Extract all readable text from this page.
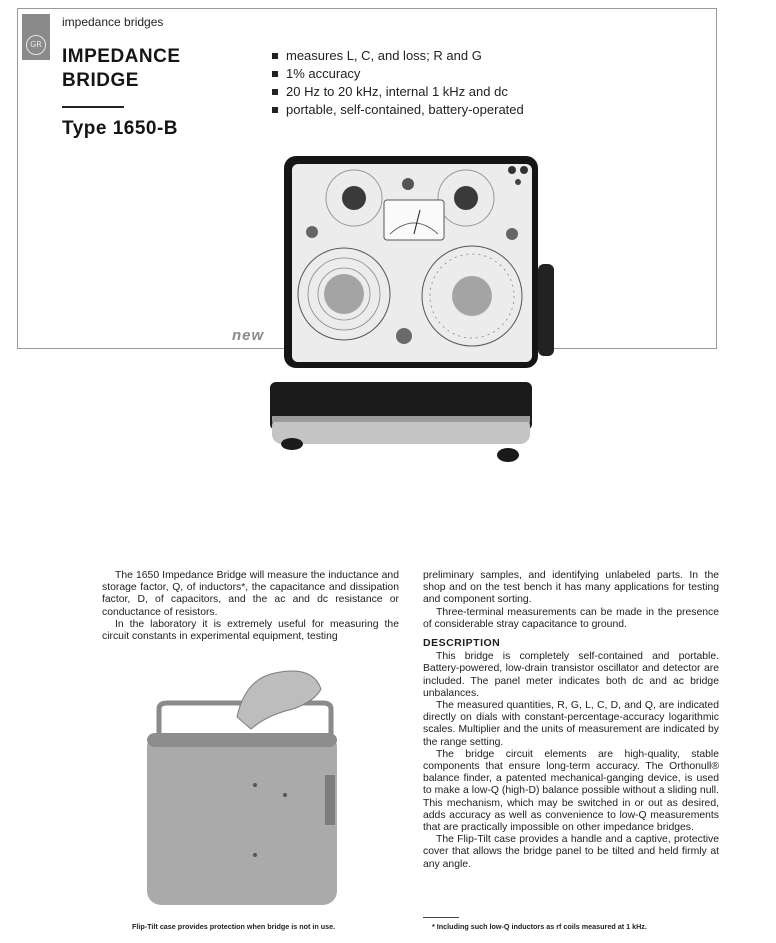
GR
impedance bridges
IMPEDANCE
BRIDGE
Type 1650-B
measures L, C, and loss; R and G
1% accuracy
20 Hz to 20 kHz, internal 1 kHz and dc
portable, self-contained, battery-operated
new

The 1650 Impedance Bridge will measure the inductance and storage factor, Q, of inductors*, the capacitance and dissipation factor, D, of capacitors, and the ac and dc resistance or conductance of resistors.

In the laboratory it is extremely useful for measuring the circuit constants in experimental equipment, testing

preliminary samples, and identifying unlabeled parts. In the shop and on the test bench it has many applications for testing and component sorting.

Three-terminal measurements can be made in the presence of considerable stray capacitance to ground.

DESCRIPTION

This bridge is completely self-contained and portable. Battery-powered, low-drain transistor oscillator and detector are included. The panel meter indicates both dc and ac bridge unbalances.

The measured quantities, R, G, L, C, D, and Q, are indicated directly on dials with constant-percentage-accuracy logarithmic scales. Multiplier and the units of measurement are indicated by the range setting.

The bridge circuit elements are high-quality, stable components that ensure long-term accuracy. The Orthonull® balance finder, a patented mechanical-ganging device, is used to make a low-Q (high-D) balance possible without a sliding null. This mechanism, which may be switched in or out as desired, adds accuracy as well as convenience to low-Q measurements that are practically impossible on other impedance bridges.

The Flip-Tilt case provides a handle and a captive, protective cover that allows the bridge panel to be tilted and held firmly at any angle.

Flip-Tilt case provides protection when bridge is not in use.	* Including such low-Q inductors as rf coils measured at 1 kHz.
